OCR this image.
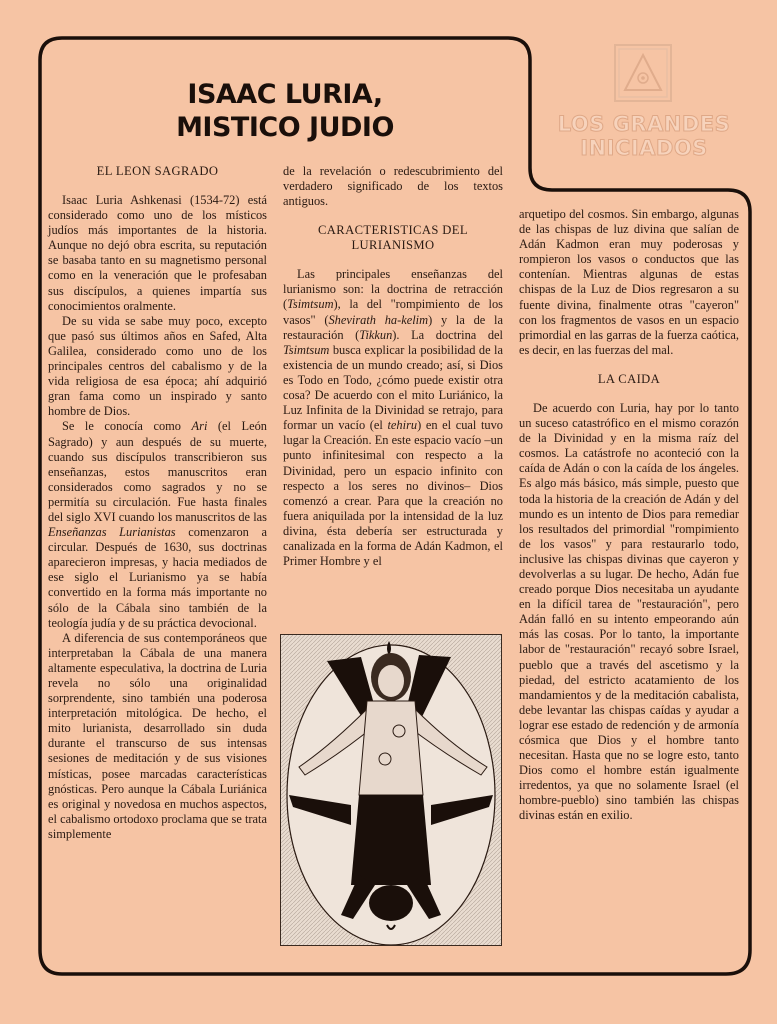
ISAAC LURIA,
MISTICO JUDIO	LOS GRANDES
INICIADOS
EL LEON SAGRADO

Isaac Luria Ashkenasi (1534-72) está considerado como uno de los místicos judíos más importantes de la historia. Aunque no dejó obra escrita, su reputación se basaba tanto en su magnetismo personal como en la veneración que le profesaban sus discípulos, a quienes impartía sus conocimientos oralmente.

De su vida se sabe muy poco, excepto que pasó sus últimos años en Safed, Alta Galilea, considerado como uno de los principales centros del cabalismo y de la vida religiosa de esa época; ahí adquirió gran fama como un inspirado y santo hombre de Dios.

Se le conocía como Ari (el León Sagrado) y aun después de su muerte, cuando sus discípulos transcribieron sus enseñanzas, estos manuscritos eran considerados como sagrados y no se permitía su circulación. Fue hasta finales del siglo XVI cuando los manuscritos de las Enseñanzas Lurianistas comenzaron a circular. Después de 1630, sus doctrinas aparecieron impresas, y hacia mediados de ese siglo el Lurianismo ya se había convertido en la forma más importante no sólo de la Cábala sino también de la teología judía y de su práctica devocional.

A diferencia de sus contemporáneos que interpretaban la Cábala de una manera altamente especulativa, la doctrina de Luria revela no sólo una originalidad sorprendente, sino también una poderosa interpretación mitológica. De hecho, el mito lurianista, desarrollado sin duda durante el transcurso de sus intensas sesiones de meditación y de sus visiones místicas, posee marcadas características gnósticas. Pero aunque la Cábala Luriánica es original y novedosa en muchos aspectos, el cabalismo ortodoxo proclama que se trata simplemente

de la revelación o redescubrimiento del verdadero significado de los textos antiguos.

CARACTERISTICAS DEL LURIANISMO

Las principales enseñanzas del lurianismo son: la doctrina de retracción (Tsimtsum), la del "rompimiento de los vasos" (Shevirath ha-kelim) y la de la restauración (Tikkun). La doctrina del Tsimtsum busca explicar la posibilidad de la existencia de un mundo creado; así, si Dios es Todo en Todo, ¿cómo puede existir otra cosa? De acuerdo con el mito Luriánico, la Luz Infinita de la Divinidad se retrajo, para formar un vacío (el tehiru) en el cual tuvo lugar la Creación. En este espacio vacío –un punto infinitesimal con respecto a la Divinidad, pero un espacio infinito con respecto a los seres no divinos– Dios comenzó a crear. Para que la creación no fuera aniquilada por la intensidad de la luz divina, ésta debería ser estructurada y canalizada en la forma de Adán Kadmon, el Primer Hombre y el

arquetipo del cosmos. Sin embargo, algunas de las chispas de luz divina que salían de Adán Kadmon eran muy poderosas y rompieron los vasos o conductos que las contenían. Mientras algunas de estas chispas de la Luz de Dios regresaron a su fuente divina, finalmente otras "cayeron" con los fragmentos de vasos en un espacio primordial en las garras de la fuerza caótica, es decir, en las fuerzas del mal.

LA CAIDA

De acuerdo con Luria, hay por lo tanto un suceso catastrófico en el mismo corazón de la Divinidad y en la misma raíz del cosmos. La catástrofe no aconteció con la caída de Adán o con la caída de los ángeles. Es algo más básico, más simple, puesto que toda la historia de la creación de Adán y del mundo es un intento de Dios para remediar los resultados del primordial "rompimiento de los vasos" y para restaurarlo todo, inclusive las chispas divinas que cayeron y devolverlas a su lugar. De hecho, Adán fue creado porque Dios necesitaba un ayudante en la difícil tarea de "restauración", pero Adán falló en su intento empeorando aún más las cosas. Por lo tanto, la importante labor de "restauración" recayó sobre Israel, pueblo que a través del ascetismo y la piedad, del estricto acatamiento de los mandamientos y de la meditación cabalista, debe levantar las chispas caídas y ayudar a lograr ese estado de redención y de armonía cósmica que Dios y el hombre tanto necesitan. Hasta que no se logre esto, tanto Dios como el hombre están igualmente irredentos, ya que no solamente Israel (el hombre-pueblo) sino también las chispas divinas están en exilio.
